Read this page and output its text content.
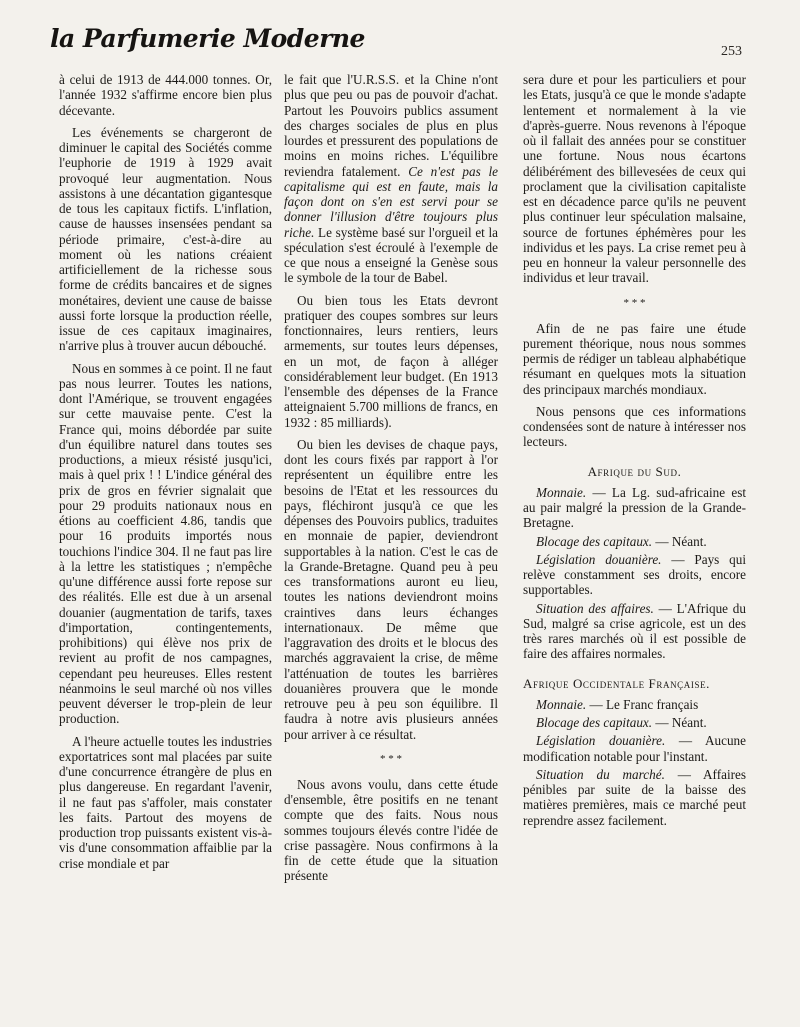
la Parfumerie Moderne	253

à celui de 1913 de 444.000 tonnes. Or, l'année 1932 s'affirme encore bien plus décevante.

Les événements se chargeront de diminuer le capital des Sociétés comme l'euphorie de 1919 à 1929 avait provoqué leur augmentation. Nous assistons à une décantation gigantesque de tous les capitaux fictifs. L'inflation, cause de hausses insensées pendant sa période primaire, c'est-à-dire au moment où les nations créaient artificiellement de la richesse sous forme de crédits bancaires et de signes monétaires, devient une cause de baisse aussi forte lorsque la production réelle, issue de ces capitaux imaginaires, n'arrive plus à trouver aucun débouché.

Nous en sommes à ce point. Il ne faut pas nous leurrer. Toutes les nations, dont l'Amérique, se trouvent engagées sur cette mauvaise pente. C'est la France qui, moins débordée par suite d'un équilibre naturel dans toutes ses productions, a mieux résisté jusqu'ici, mais à quel prix ! ! L'indice général des prix de gros en février signalait que pour 29 produits nationaux nous en étions au coefficient 4.86, tandis que pour 16 produits importés nous touchions l'indice 304. Il ne faut pas lire à la lettre les statistiques ; n'empêche qu'une différence aussi forte repose sur des réalités. Elle est due à un arsenal douanier (augmentation de tarifs, taxes d'importation, contingentements, prohibitions) qui élève nos prix de revient au profit de nos campagnes, cependant peu heureuses. Elles restent néanmoins le seul marché où nos villes peuvent déverser le trop-plein de leur production.

A l'heure actuelle toutes les industries exportatrices sont mal placées par suite d'une concurrence étrangère de plus en plus dangereuse. En regardant l'avenir, il ne faut pas s'affoler, mais constater les faits. Partout des moyens de production trop puissants existent vis-à-vis d'une consommation affaiblie par la crise mondiale et par

le fait que l'U.R.S.S. et la Chine n'ont plus que peu ou pas de pouvoir d'achat. Partout les Pouvoirs publics assument des charges sociales de plus en plus lourdes et pressurent des populations de moins en moins riches. L'équilibre reviendra fatalement. Ce n'est pas le capitalisme qui est en faute, mais la façon dont on s'en est servi pour se donner l'illusion d'être toujours plus riche. Le système basé sur l'orgueil et la spéculation s'est écroulé à l'exemple de ce que nous a enseigné la Genèse sous le symbole de la tour de Babel.

Ou bien tous les Etats devront pratiquer des coupes sombres sur leurs fonctionnaires, leurs rentiers, leurs armements, sur toutes leurs dépenses, en un mot, de façon à alléger considérablement leur budget. (En 1913 l'ensemble des dépenses de la France atteignaient 5.700 millions de francs, en 1932 : 85 milliards).

Ou bien les devises de chaque pays, dont les cours fixés par rapport à l'or représentent un équilibre entre les besoins de l'Etat et les ressources du pays, fléchiront jusqu'à ce que les dépenses des Pouvoirs publics, traduites en monnaie de papier, deviendront supportables à la nation. C'est le cas de la Grande-Bretagne. Quand peu à peu ces transformations auront eu lieu, toutes les nations deviendront moins craintives dans leurs échanges internationaux. De même que l'aggravation des droits et le blocus des marchés aggravaient la crise, de même l'atténuation de toutes les barrières douanières prouvera que le monde retrouve peu à peu son équilibre. Il faudra à notre avis plusieurs années pour arriver à ce résultat.

* * *

Nous avons voulu, dans cette étude d'ensemble, être positifs en ne tenant compte que des faits. Nous nous sommes toujours élevés contre l'idée de crise passagère. Nous confirmons à la fin de cette étude que la situation présente

sera dure et pour les particuliers et pour les Etats, jusqu'à ce que le monde s'adapte lentement et normalement à la vie d'après-guerre. Nous revenons à l'époque où il fallait des années pour se constituer une fortune. Nous nous écartons délibérément des billevesées de ceux qui proclament que la civilisation capitaliste est en décadence parce qu'ils ne peuvent plus continuer leur spéculation malsaine, source de fortunes éphémères pour les individus et les pays. La crise remet peu à peu en honneur la valeur personnelle des individus et leur travail.

* * *

Afin de ne pas faire une étude purement théorique, nous nous sommes permis de rédiger un tableau alphabétique résumant en quelques mots la situation des principaux marchés mondiaux.

Nous pensons que ces informations condensées sont de nature à intéresser nos lecteurs.

Afrique du Sud.

Monnaie. — La Lg. sud-africaine est au pair malgré la pression de la Grande-Bretagne.

Blocage des capitaux. — Néant.

Législation douanière. — Pays qui relève constamment ses droits, encore supportables.

Situation des affaires. — L'Afrique du Sud, malgré sa crise agricole, est un des très rares marchés où il est possible de faire des affaires normales.

Afrique Occidentale Française.

Monnaie. — Le Franc français

Blocage des capitaux. — Néant.

Législation douanière. — Aucune modification notable pour l'instant.

Situation du marché. — Affaires pénibles par suite de la baisse des matières premières, mais ce marché peut reprendre assez facilement.
